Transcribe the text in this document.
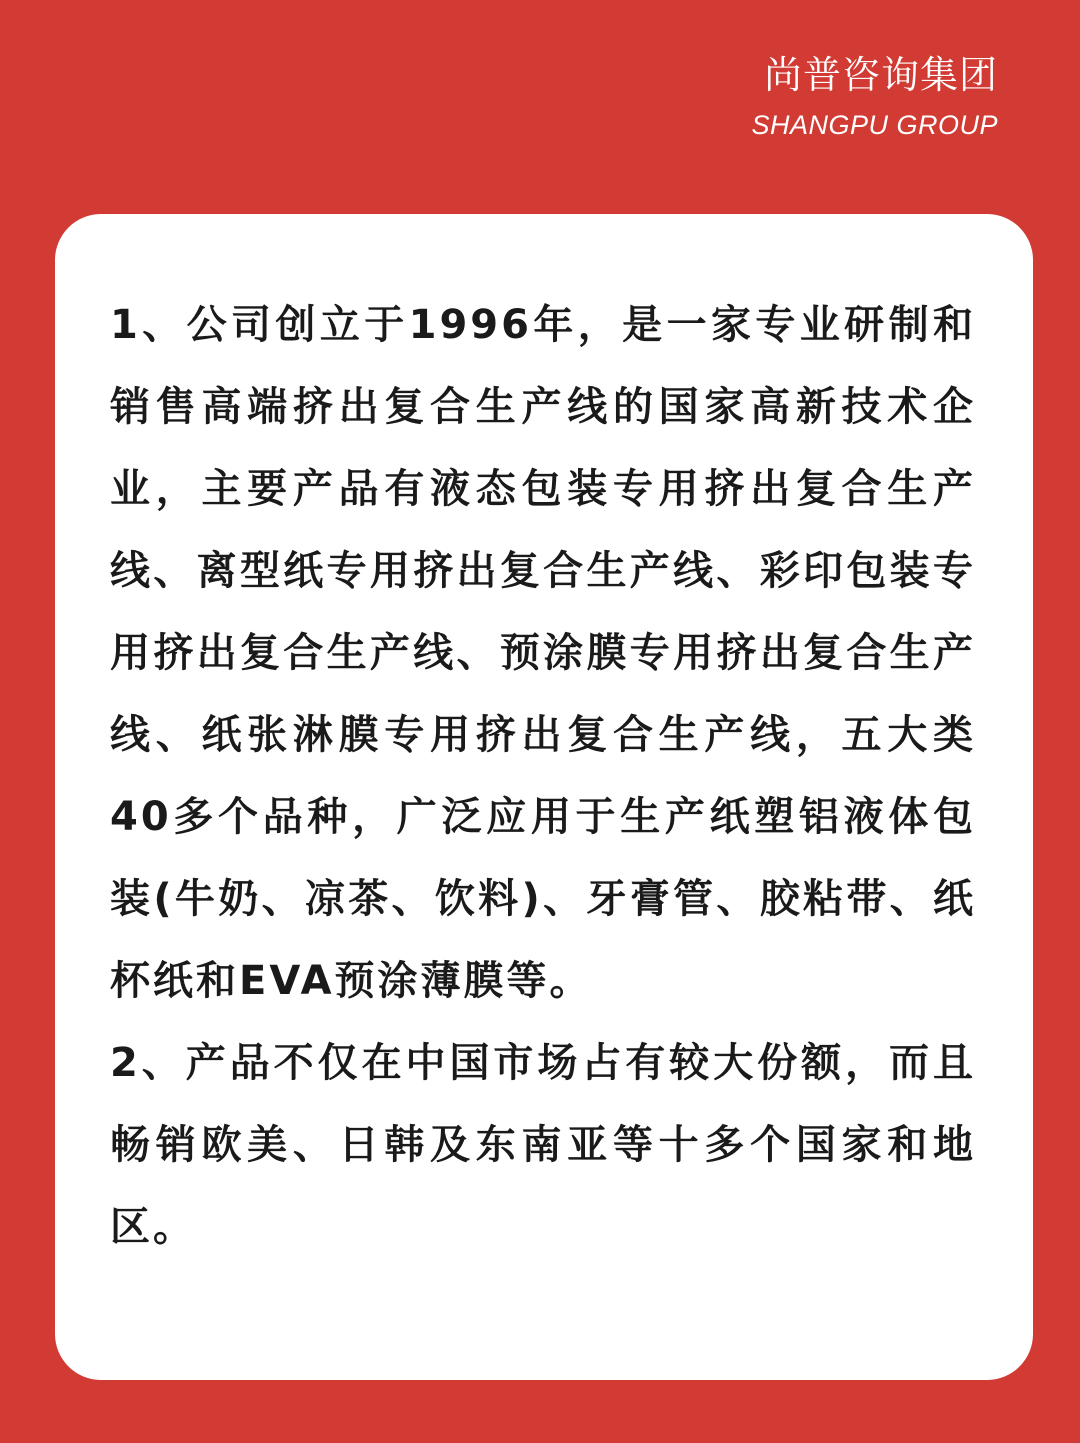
尚普咨询集团
SHANGPU GROUP

1、公司创立于1996年，是一家专业研制和销售高端挤出复合生产线的国家高新技术企业，主要产品有液态包装专用挤出复合生产线、离型纸专用挤出复合生产线、彩印包装专用挤出复合生产线、预涂膜专用挤出复合生产线、纸张淋膜专用挤出复合生产线，五大类40多个品种，广泛应用于生产纸塑铝液体包装(牛奶、凉茶、饮料)、牙膏管、胶粘带、纸杯纸和EVA预涂薄膜等。

2、产品不仅在中国市场占有较大份额，而且畅销欧美、日韩及东南亚等十多个国家和地区。
